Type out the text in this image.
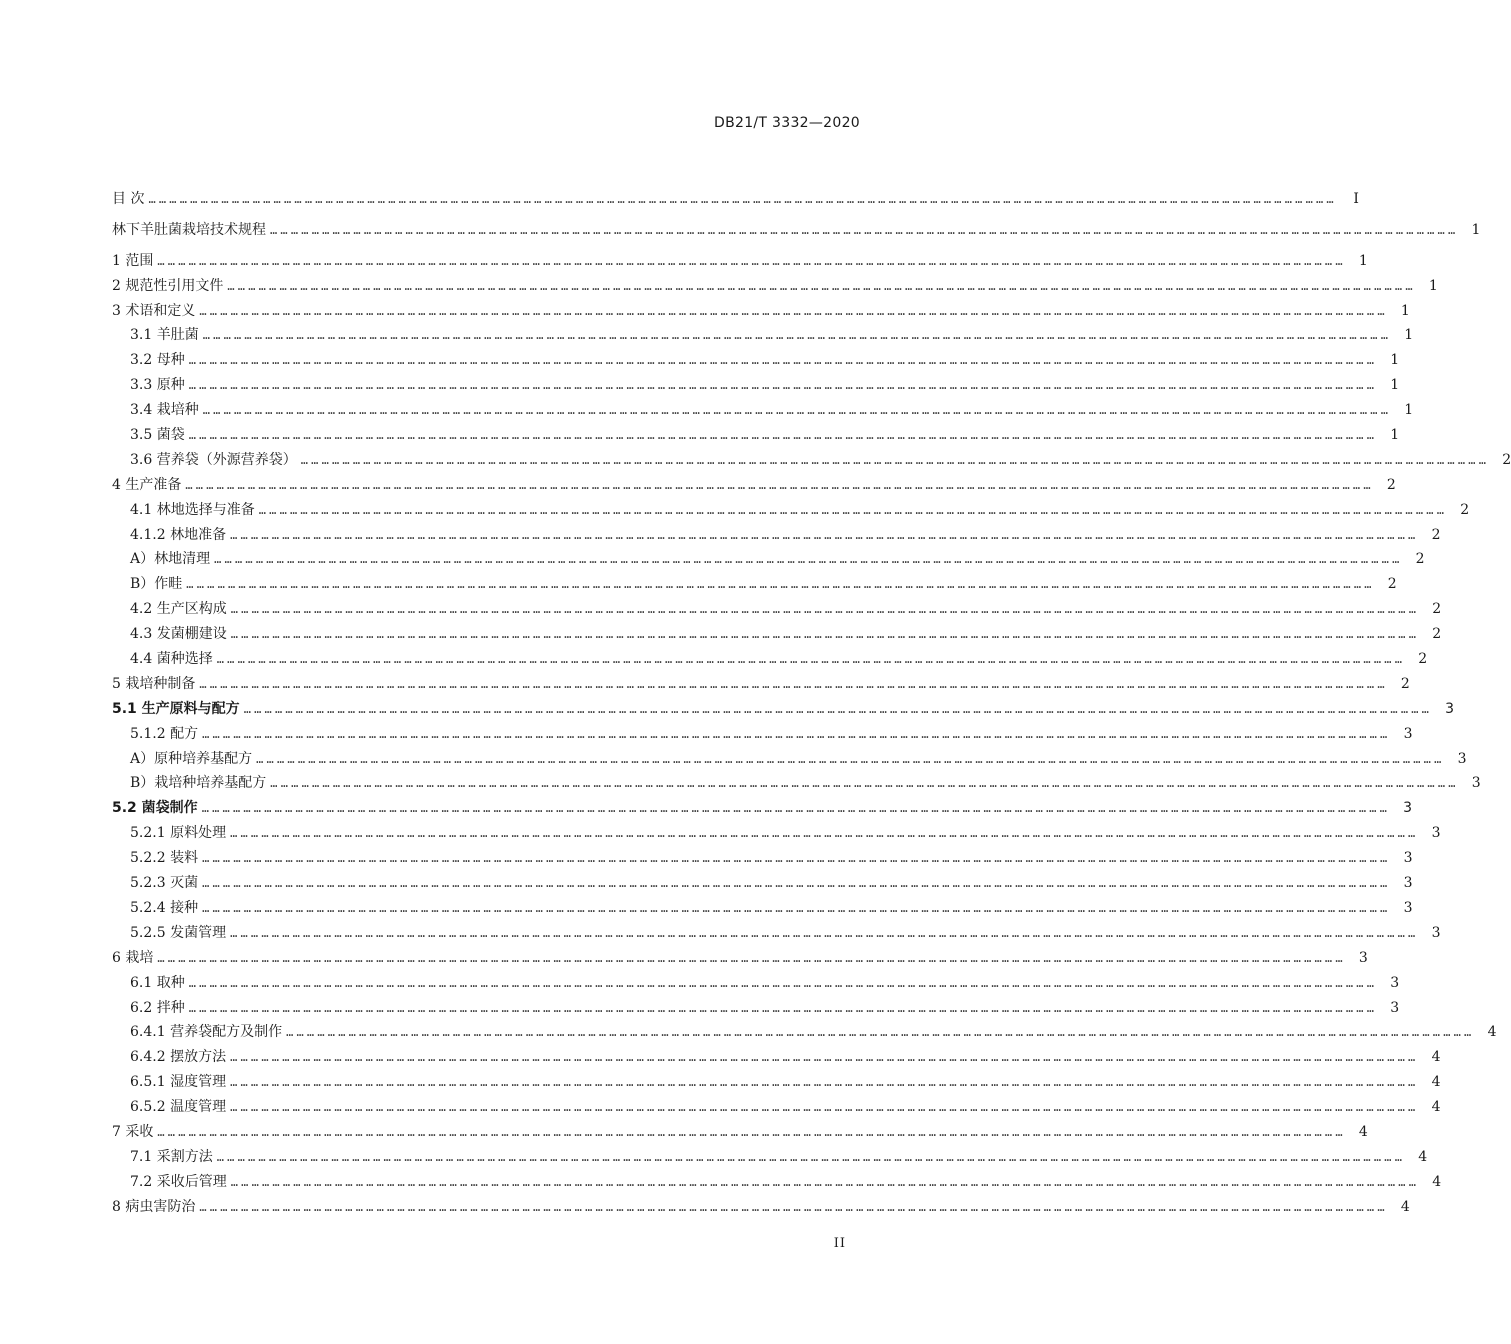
DB21/T 3332—2020
目 次 ………………………………………………………………………………………………………………………………………………………………………………………………………………………………………………………………………………………………………………	I
林下羊肚菌栽培技术规程 ……………………………………………………………………………………………………………………………………………………………………………………………………………………………………………………………………………………………………………… 1
1 范围 ……………………………………………………………………………………………………………………………………………………………………………………………………………………………………………………………………………………………………………… 1
2 规范性引用文件 ……………………………………………………………………………………………………………………………………………………………………………………………………………………………………………………………………………………………………………… 1
3 术语和定义 ……………………………………………………………………………………………………………………………………………………………………………………………………………………………………………………………………………………………………………… 1
3.1 羊肚菌 ……………………………………………………………………………………………………………………………………………………………………………………………………………………………………………………………………………………………………………… 1
3.2 母种 ……………………………………………………………………………………………………………………………………………………………………………………………………………………………………………………………………………………………………………… 1
3.3 原种 ……………………………………………………………………………………………………………………………………………………………………………………………………………………………………………………………………………………………………………… 1
3.4 栽培种 ……………………………………………………………………………………………………………………………………………………………………………………………………………………………………………………………………………………………………………… 1
3.5 菌袋 ……………………………………………………………………………………………………………………………………………………………………………………………………………………………………………………………………………………………………………… 1
3.6 营养袋（外源营养袋） ……………………………………………………………………………………………………………………………………………………………………………………………………………………………………………………………………………………………………………… 2
4 生产准备 ……………………………………………………………………………………………………………………………………………………………………………………………………………………………………………………………………………………………………………… 2
4.1 林地选择与准备 ……………………………………………………………………………………………………………………………………………………………………………………………………………………………………………………………………………………………………………… 2
4.1.2 林地准备 ……………………………………………………………………………………………………………………………………………………………………………………………………………………………………………………………………………………………………………… 2
A）林地清理 ……………………………………………………………………………………………………………………………………………………………………………………………………………………………………………………………………………………………………………… 2
B）作畦 ……………………………………………………………………………………………………………………………………………………………………………………………………………………………………………………………………………………………………………… 2
4.2 生产区构成 ……………………………………………………………………………………………………………………………………………………………………………………………………………………………………………………………………………………………………………… 2
4.3 发菌棚建设 ……………………………………………………………………………………………………………………………………………………………………………………………………………………………………………………………………………………………………………… 2
4.4 菌种选择 ……………………………………………………………………………………………………………………………………………………………………………………………………………………………………………………………………………………………………………… 2
5 栽培种制备 ……………………………………………………………………………………………………………………………………………………………………………………………………………………………………………………………………………………………………………… 2
5.1 生产原料与配方 ……………………………………………………………………………………………………………………………………………………………………………………………………………………………………………………………………………………………………………… 3
5.1.2 配方 ……………………………………………………………………………………………………………………………………………………………………………………………………………………………………………………………………………………………………………… 3
A）原种培养基配方 ……………………………………………………………………………………………………………………………………………………………………………………………………………………………………………………………………………………………………………… 3
B）栽培种培养基配方 ……………………………………………………………………………………………………………………………………………………………………………………………………………………………………………………………………………………………………………… 3
5.2 菌袋制作 ……………………………………………………………………………………………………………………………………………………………………………………………………………………………………………………………………………………………………………… 3
5.2.1 原料处理 ……………………………………………………………………………………………………………………………………………………………………………………………………………………………………………………………………………………………………………… 3
5.2.2 装料 ……………………………………………………………………………………………………………………………………………………………………………………………………………………………………………………………………………………………………………… 3
5.2.3 灭菌 ……………………………………………………………………………………………………………………………………………………………………………………………………………………………………………………………………………………………………………… 3
5.2.4 接种 ……………………………………………………………………………………………………………………………………………………………………………………………………………………………………………………………………………………………………………… 3
5.2.5 发菌管理 ……………………………………………………………………………………………………………………………………………………………………………………………………………………………………………………………………………………………………………… 3
6 栽培 ……………………………………………………………………………………………………………………………………………………………………………………………………………………………………………………………………………………………………………… 3
6.1 取种 ……………………………………………………………………………………………………………………………………………………………………………………………………………………………………………………………………………………………………………… 3
6.2 拌种 ……………………………………………………………………………………………………………………………………………………………………………………………………………………………………………………………………………………………………………… 3
6.4.1 营养袋配方及制作 ……………………………………………………………………………………………………………………………………………………………………………………………………………………………………………………………………………………………………………… 4
6.4.2 摆放方法 ……………………………………………………………………………………………………………………………………………………………………………………………………………………………………………………………………………………………………………… 4
6.5.1 湿度管理 ……………………………………………………………………………………………………………………………………………………………………………………………………………………………………………………………………………………………………………… 4
6.5.2 温度管理 ……………………………………………………………………………………………………………………………………………………………………………………………………………………………………………………………………………………………………………… 4
7 采收 ……………………………………………………………………………………………………………………………………………………………………………………………………………………………………………………………………………………………………………… 4
7.1 采割方法 ……………………………………………………………………………………………………………………………………………………………………………………………………………………………………………………………………………………………………………… 4
7.2 采收后管理 ……………………………………………………………………………………………………………………………………………………………………………………………………………………………………………………………………………………………………………… 4
8 病虫害防治 ……………………………………………………………………………………………………………………………………………………………………………………………………………………………………………………………………………………………………………… 4
II
